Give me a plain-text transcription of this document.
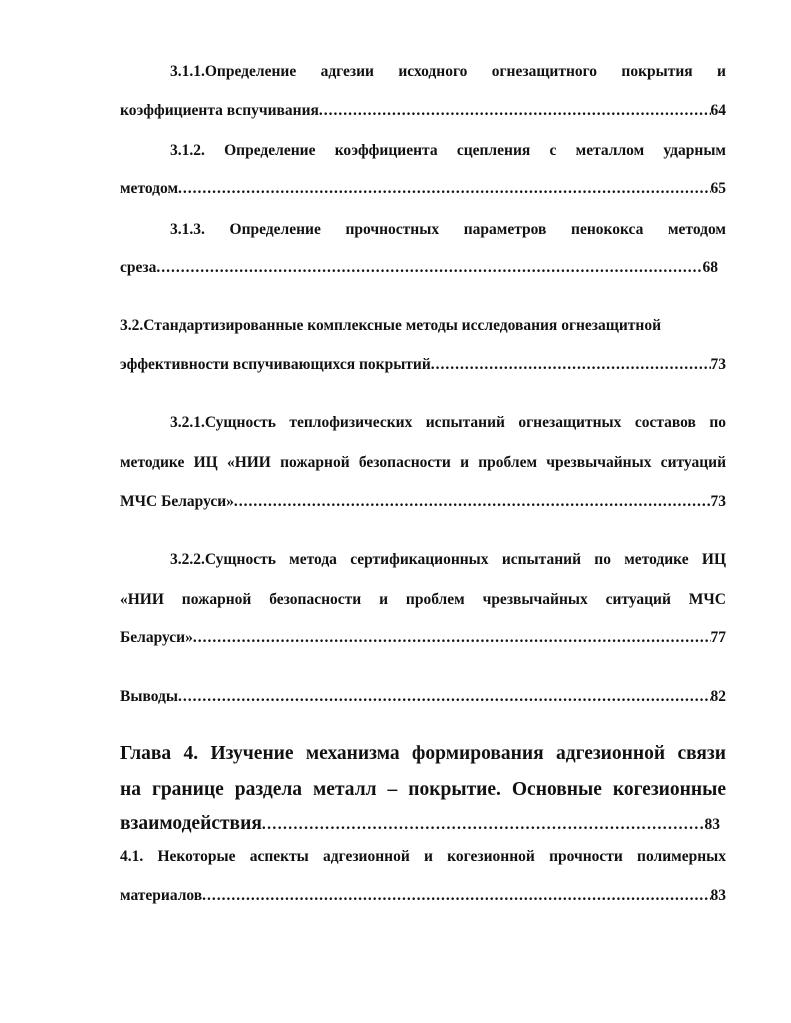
3.1.1.Определение адгезии исходного огнезащитного покрытия и
коэффициента вспучивания .....	64
3.1.2. Определение коэффициента сцепления с металлом ударным
методом .....	65
3.1.3. Определение прочностных параметров пенококса методом
среза .....	68
3.2.Стандартизированные комплексные методы исследования огнезащитной
эффективности вспучивающихся покрытий .....	73
3.2.1.Сущность теплофизических испытаний огнезащитных составов по
методике ИЦ «НИИ пожарной безопасности и проблем чрезвычайных ситуаций
МЧС Беларуси» .....	73
3.2.2.Сущность метода сертификационных испытаний по методике ИЦ
«НИИ пожарной безопасности и проблем чрезвычайных ситуаций МЧС
Беларуси» .....	77
Выводы .....	82
Глава 4. Изучение механизма формирования адгезионной связи
на границе раздела металл – покрытие. Основные когезионные
взаимодействия .....	83
4.1. Некоторые аспекты адгезионной и когезионной прочности полимерных
материалов .....	83
